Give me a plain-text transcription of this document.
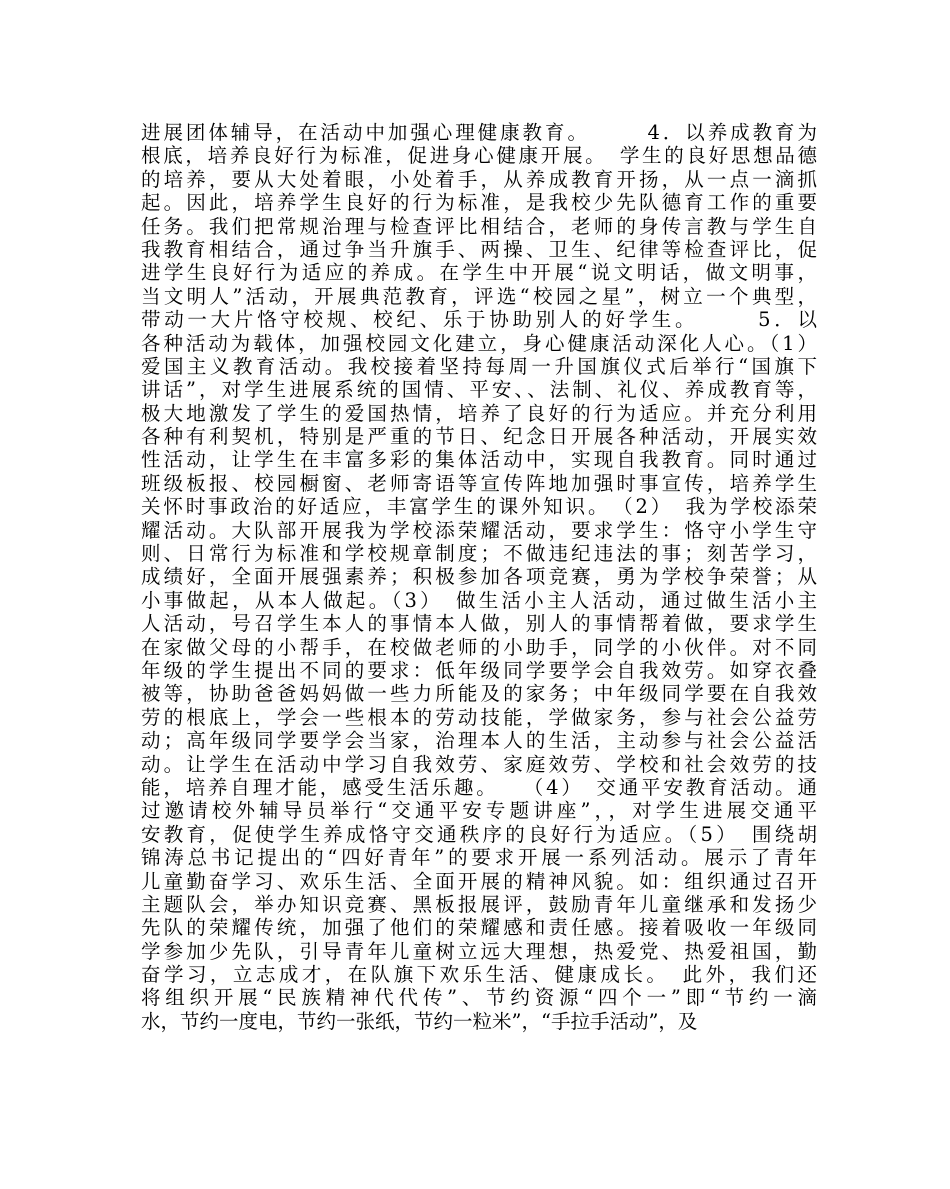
进展团体辅导，在活动中加强心理健康教育。　　　4．以养成教育为
根底，培养良好行为标准，促进身心健康开展。　学生的良好思想品德
的培养，要从大处着眼，小处着手，从养成教育开扬，从一点一滴抓
起。因此，培养学生良好的行为标准，是我校少先队德育工作的重要
任务。我们把常规治理与检查评比相结合，老师的身传言教与学生自
我教育相结合，通过争当升旗手、两操、卫生、纪律等检查评比，促
进学生良好行为适应的养成。在学生中开展“说文明话，做文明事，
当文明人”活动，开展典范教育，评选“校园之星”，树立一个典型，
带动一大片恪守校规、校纪、乐于协助别人的好学生。　　　5．以
各种活动为载体，加强校园文化建立，身心健康活动深化人心。（1）
爱国主义教育活动。我校接着坚持每周一升国旗仪式后举行“国旗下
讲话”，对学生进展系统的国情、平安、、法制、礼仪、养成教育等，
极大地激发了学生的爱国热情，培养了良好的行为适应。并充分利用
各种有利契机，特别是严重的节日、纪念日开展各种活动，开展实效
性活动，让学生在丰富多彩的集体活动中，实现自我教育。同时通过
班级板报、校园橱窗、老师寄语等宣传阵地加强时事宣传，培养学生
关怀时事政治的好适应，丰富学生的课外知识。　（2）　我为学校添荣
耀活动。大队部开展我为学校添荣耀活动，要求学生：恪守小学生守
则、日常行为标准和学校规章制度；不做违纪违法的事；刻苦学习，
成绩好，全面开展强素养；积极参加各项竞赛，勇为学校争荣誉；从
小事做起，从本人做起。（3）　做生活小主人活动，通过做生活小主
人活动，号召学生本人的事情本人做，别人的事情帮着做，要求学生
在家做父母的小帮手，在校做老师的小助手，同学的小伙伴。对不同
年级的学生提出不同的要求：低年级同学要学会自我效劳。如穿衣叠
被等，协助爸爸妈妈做一些力所能及的家务；中年级同学要在自我效
劳的根底上，学会一些根本的劳动技能，学做家务，参与社会公益劳
动；高年级同学要学会当家，治理本人的生活，主动参与社会公益活
动。让学生在活动中学习自我效劳、家庭效劳、学校和社会效劳的技
能，培养自理才能，感受生活乐趣。　　（4）　交通平安教育活动。通
过邀请校外辅导员举行“交通平安专题讲座”，，对学生进展交通平
安教育，促使学生养成恪守交通秩序的良好行为适应。（5）　围绕胡
锦涛总书记提出的“四好青年”的要求开展一系列活动。展示了青年
儿童勤奋学习、欢乐生活、全面开展的精神风貌。如：组织通过召开
主题队会，举办知识竞赛、黑板报展评，鼓励青年儿童继承和发扬少
先队的荣耀传统，加强了他们的荣耀感和责任感。接着吸收一年级同
学参加少先队，引导青年儿童树立远大理想，热爱党、热爱祖国，勤
奋学习，立志成才，在队旗下欢乐生活、健康成长。　此外，我们还
将组织开展“民族精神代代传”、节约资源“四个一”即“节约一滴
水，节约一度电，节约一张纸，节约一粒米”，“手拉手活动”，及
